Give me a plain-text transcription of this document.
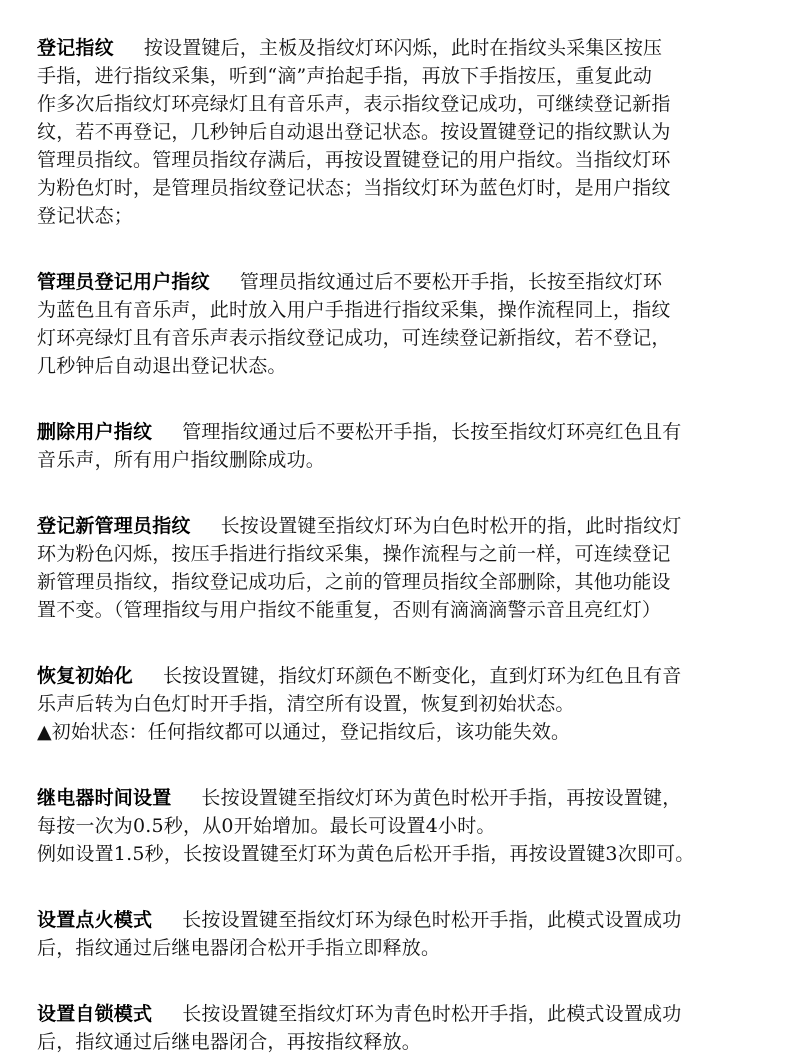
登记指纹 按设置键后，主板及指纹灯环闪烁，此时在指纹头采集区按压
手指，进行指纹采集，听到“滴”声抬起手指，再放下手指按压，重复此动
作多次后指纹灯环亮绿灯且有音乐声，表示指纹登记成功，可继续登记新指
纹，若不再登记，几秒钟后自动退出登记状态。按设置键登记的指纹默认为
管理员指纹。管理员指纹存满后，再按设置键登记的用户指纹。当指纹灯环
为粉色灯时，是管理员指纹登记状态；当指纹灯环为蓝色灯时，是用户指纹
登记状态；

管理员登记用户指纹 管理员指纹通过后不要松开手指，长按至指纹灯环
为蓝色且有音乐声，此时放入用户手指进行指纹采集，操作流程同上，指纹
灯环亮绿灯且有音乐声表示指纹登记成功，可连续登记新指纹，若不登记，
几秒钟后自动退出登记状态。

删除用户指纹 管理指纹通过后不要松开手指，长按至指纹灯环亮红色且有
音乐声，所有用户指纹删除成功。

登记新管理员指纹 长按设置键至指纹灯环为白色时松开的指，此时指纹灯
环为粉色闪烁，按压手指进行指纹采集，操作流程与之前一样，可连续登记
新管理员指纹，指纹登记成功后，之前的管理员指纹全部删除，其他功能设
置不变。（管理指纹与用户指纹不能重复，否则有滴滴滴警示音且亮红灯）

恢复初始化 长按设置键，指纹灯环颜色不断变化，直到灯环为红色且有音
乐声后转为白色灯时开手指，清空所有设置，恢复到初始状态。
▲初始状态：任何指纹都可以通过，登记指纹后，该功能失效。

继电器时间设置 长按设置键至指纹灯环为黄色时松开手指，再按设置键，
每按一次为0.5秒，从0开始增加。最长可设置4小时。
例如设置1.5秒，长按设置键至灯环为黄色后松开手指，再按设置键3次即可。

设置点火模式 长按设置键至指纹灯环为绿色时松开手指，此模式设置成功
后，指纹通过后继电器闭合松开手指立即释放。

设置自锁模式 长按设置键至指纹灯环为青色时松开手指，此模式设置成功
后，指纹通过后继电器闭合，再按指纹释放。
